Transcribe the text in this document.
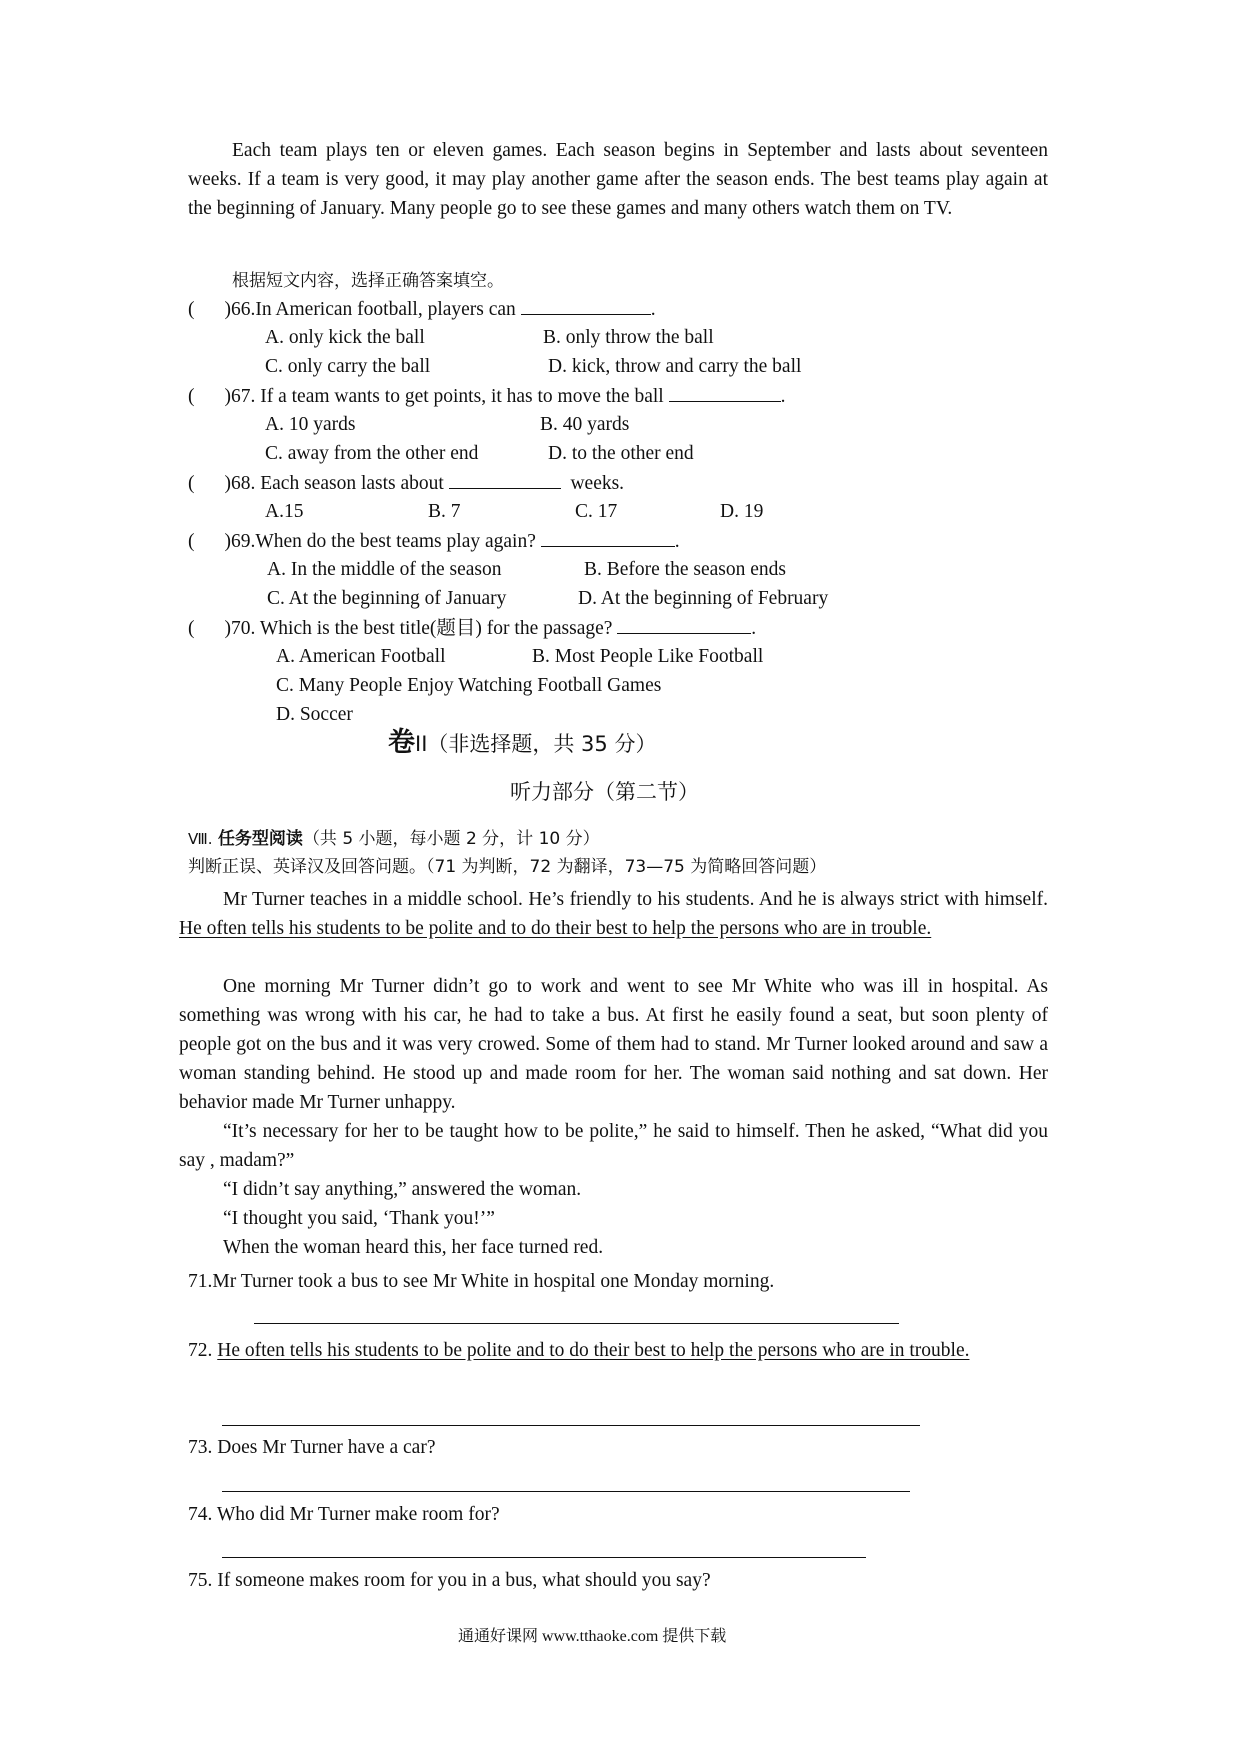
Each team plays ten or eleven games. Each season begins in September and lasts about seventeen weeks. If a team is very good, it may play another game after the season ends. The best teams play again at the beginning of January. Many people go to see these games and many others watch them on TV.
根据短文内容，选择正确答案填空。
( )66.In American football, players can	.
A. only kick the ball	B. only throw the ball
C. only carry the ball	D. kick, throw and carry the ball
( )67. If a team wants to get points, it has to move the ball	.
A. 10 yards	B. 40 yards
C. away from the other end	D. to the other end
( )68. Each season lasts about	weeks.
A.15	B. 7	C. 17	D. 19
( )69.When do the best teams play again?	.
A. In the middle of the season	B. Before the season ends
C. At the beginning of January	D. At the beginning of February
( )70. Which is the best title(题目) for the passage?	.
A. American Football	B. Most People Like Football
C. Many People Enjoy Watching Football Games
D. Soccer
卷II（非选择题，共 35 分）
听力部分（第二节）
Ⅷ. 任务型阅读（共 5 小题，每小题 2 分，计 10 分）
判断正误、英译汉及回答问题。（71 为判断，72 为翻译，73—75 为简略回答问题）
Mr Turner teaches in a middle school. He’s friendly to his students. And he is always strict with himself. He often tells his students to be polite and to do their best to help the persons who are in trouble.
One morning Mr Turner didn’t go to work and went to see Mr White who was ill in hospital. As something was wrong with his car, he had to take a bus. At first he easily found a seat, but soon plenty of people got on the bus and it was very crowed. Some of them had to stand. Mr Turner looked around and saw a woman standing behind. He stood up and made room for her. The woman said nothing and sat down. Her behavior made Mr Turner unhappy.
“It’s necessary for her to be taught how to be polite,” he said to himself. Then he asked, “What did you say , madam?”
“I didn’t say anything,” answered the woman.
“I thought you said, ‘Thank you!’”
When the woman heard this, her face turned red.
71.Mr Turner took a bus to see Mr White in hospital one Monday morning.
72. He often tells his students to be polite and to do their best to help the persons who are in trouble.
73. Does Mr Turner have a car?
74. Who did Mr Turner make room for?
75. If someone makes room for you in a bus, what should you say?
通通好课网 www.tthaoke.com 提供下载
